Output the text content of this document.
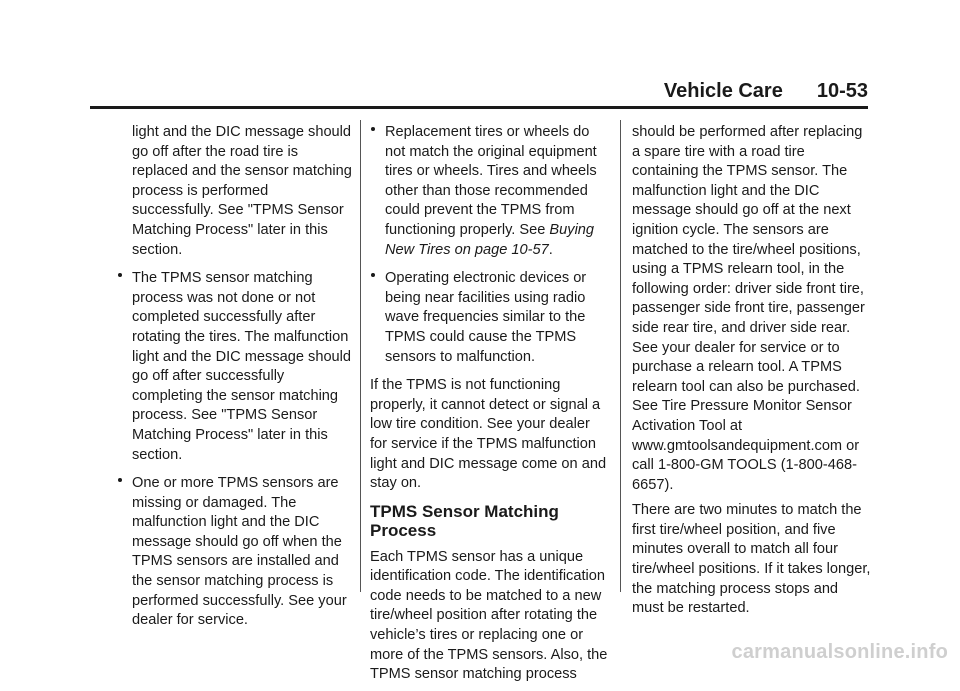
Vehicle Care 10-53

light and the DIC message should go off after the road tire is replaced and the sensor matching process is performed successfully. See "TPMS Sensor Matching Process" later in this section.

The TPMS sensor matching process was not done or not completed successfully after rotating the tires. The malfunction light and the DIC message should go off after successfully completing the sensor matching process. See "TPMS Sensor Matching Process" later in this section.

One or more TPMS sensors are missing or damaged. The malfunction light and the DIC message should go off when the TPMS sensors are installed and the sensor matching process is performed successfully. See your dealer for service.

Replacement tires or wheels do not match the original equipment tires or wheels. Tires and wheels other than those recommended could prevent the TPMS from functioning properly. See Buying New Tires on page 10-57.

Operating electronic devices or being near facilities using radio wave frequencies similar to the TPMS could cause the TPMS sensors to malfunction.

If the TPMS is not functioning properly, it cannot detect or signal a low tire condition. See your dealer for service if the TPMS malfunction light and DIC message come on and stay on.

TPMS Sensor Matching Process

Each TPMS sensor has a unique identification code. The identification code needs to be matched to a new tire/wheel position after rotating the vehicle’s tires or replacing one or more of the TPMS sensors. Also, the TPMS sensor matching process

should be performed after replacing a spare tire with a road tire containing the TPMS sensor. The malfunction light and the DIC message should go off at the next ignition cycle. The sensors are matched to the tire/wheel positions, using a TPMS relearn tool, in the following order: driver side front tire, passenger side front tire, passenger side rear tire, and driver side rear. See your dealer for service or to purchase a relearn tool. A TPMS relearn tool can also be purchased. See Tire Pressure Monitor Sensor Activation Tool at www.gmtoolsandequipment.com or call 1-800-GM TOOLS (1-800-468-6657).

There are two minutes to match the first tire/wheel position, and five minutes overall to match all four tire/wheel positions. If it takes longer, the matching process stops and must be restarted.

carmanualsonline.info
